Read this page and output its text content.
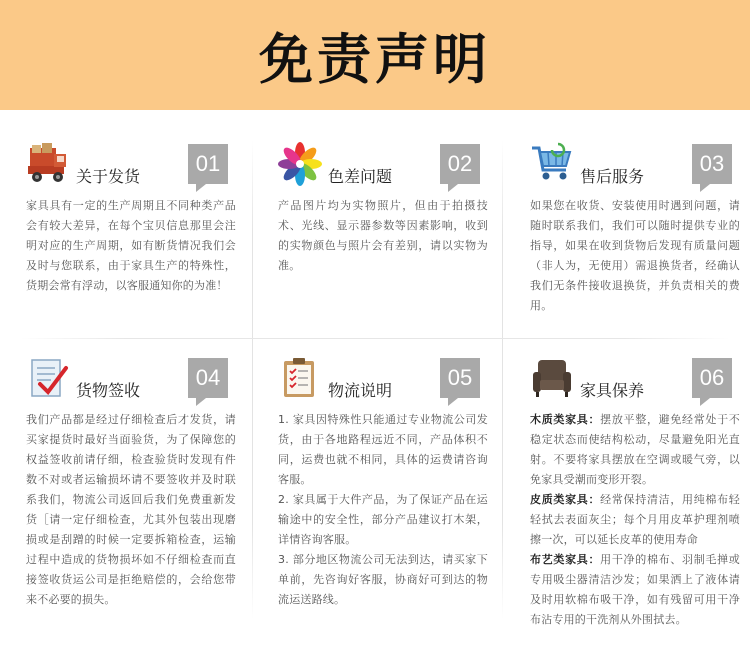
免责声明
关于发货
01

家具具有一定的生产周期且不同种类产品会有较大差异，在每个宝贝信息那里会注明对应的生产周期，如有断货情况我们会及时与您联系，由于家具生产的特殊性，货期会常有浮动，以客服通知你的为准！

色差问题
02

产品图片均为实物照片，但由于拍摄技术、光线、显示器参数等因素影响，收到的实物颜色与照片会有差别，请以实物为准。

售后服务
03

如果您在收货、安装使用时遇到问题，请随时联系我们，我们可以随时提供专业的指导，如果在收到货物后发现有质量问题（非人为，无使用）需退换货者，经确认我们无条件接收退换货，并负责相关的费用。

货物签收
04

我们产品都是经过仔细检查后才发货，请买家提货时最好当面验货，为了保障您的权益签收前请仔细，检查验货时发现有件数不对或者运输损坏请不要签收并及时联系我们，物流公司返回后我们免费重新发货［请一定仔细检查，尤其外包装出现磨损或是刮蹭的时候一定要拆箱检查，运输过程中造成的货物损坏如不仔细检查而直接签收货运公司是拒绝赔偿的，会给您带来不必要的损失。

物流说明
05

1. 家具因特殊性只能通过专业物流公司发货，由于各地路程远近不同，产品体积不同，运费也就不相同，具体的运费请咨询客服。

2. 家具属于大件产品，为了保证产品在运输途中的安全性，部分产品建议打木架，详情咨询客服。

3. 部分地区物流公司无法到达，请买家下单前，先咨询好客服，协商好可到达的物流运送路线。

家具保养
06

木质类家具：摆放平整，避免经常处于不稳定状态而使结构松动，尽量避免阳光直射。不要将家具摆放在空调或暖气旁，以免家具受潮而变形开裂。

皮质类家具：经常保持清洁，用纯棉布轻轻拭去表面灰尘；每个月用皮革护理剂喷擦一次，可以延长皮革的使用寿命

布艺类家具：用干净的棉布、羽制毛掸或专用吸尘器清洁沙发；如果洒上了液体请及时用软棉布吸干净，如有残留可用干净布沾专用的干洗剂从外围拭去。
